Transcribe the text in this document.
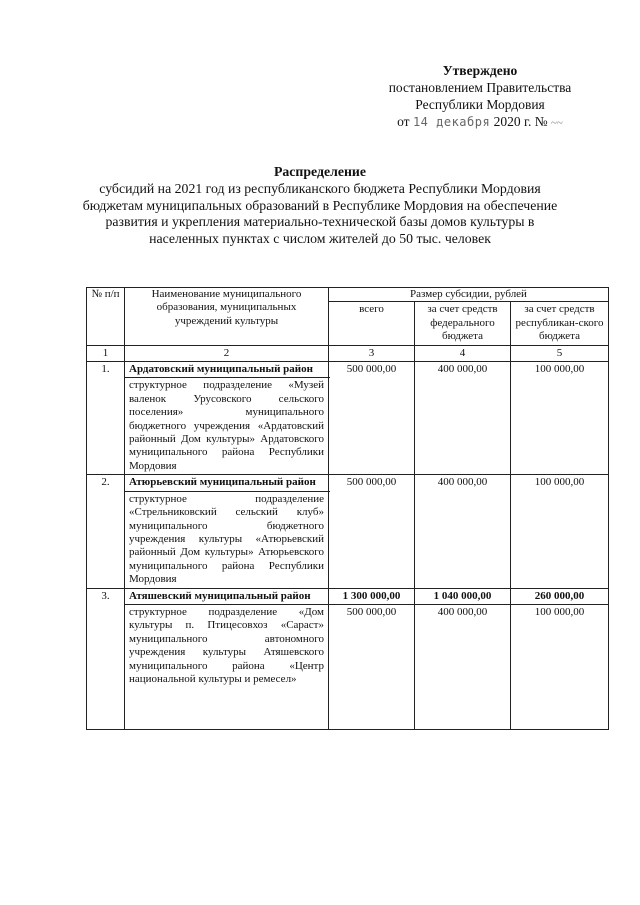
Утверждено
постановлением Правительства
Республики Мордовия
от 14 декабря 2020 г. № ~~
Распределение
субсидий на 2021 год из республиканского бюджета Республики Мордовия
бюджетам муниципальных образований в Республике Мордовия на обеспечение
развития и укрепления материально-технической базы домов культуры в
населенных пунктах с числом жителей до 50 тыс. человек
№ п/п	Наименование муниципального образования, муниципальных учреждений культуры	Размер субсидии, рублей		
		всего	за счет средств федерального бюджета	за счет средств республикан-ского бюджета
1	2	3	4	5
1.	Ардатовский муниципальный район	500 000,00	400 000,00	100 000,00
	структурное подразделение «Музей валенок Урусовского сельского поселения» муниципального бюджетного учреждения «Ардатовский районный Дом культуры» Ардатовского муниципального района Республики Мордовия			
2.	Атюрьевский муниципальный район	500 000,00	400 000,00	100 000,00
	структурное подразделение «Стрельниковский сельский клуб» муниципального бюджетного учреждения культуры «Атюрьевский районный Дом культуры» Атюрьевского муниципального района Республики Мордовия			
3.	Атяшевский муниципальный район	1 300 000,00	1 040 000,00	260 000,00
	структурное подразделение «Дом культуры п. Птицесовхоз «Сараст» муниципального автономного учреждения культуры Атяшевского муниципального района «Центр национальной культуры и ремесел»	500 000,00	400 000,00	100 000,00
